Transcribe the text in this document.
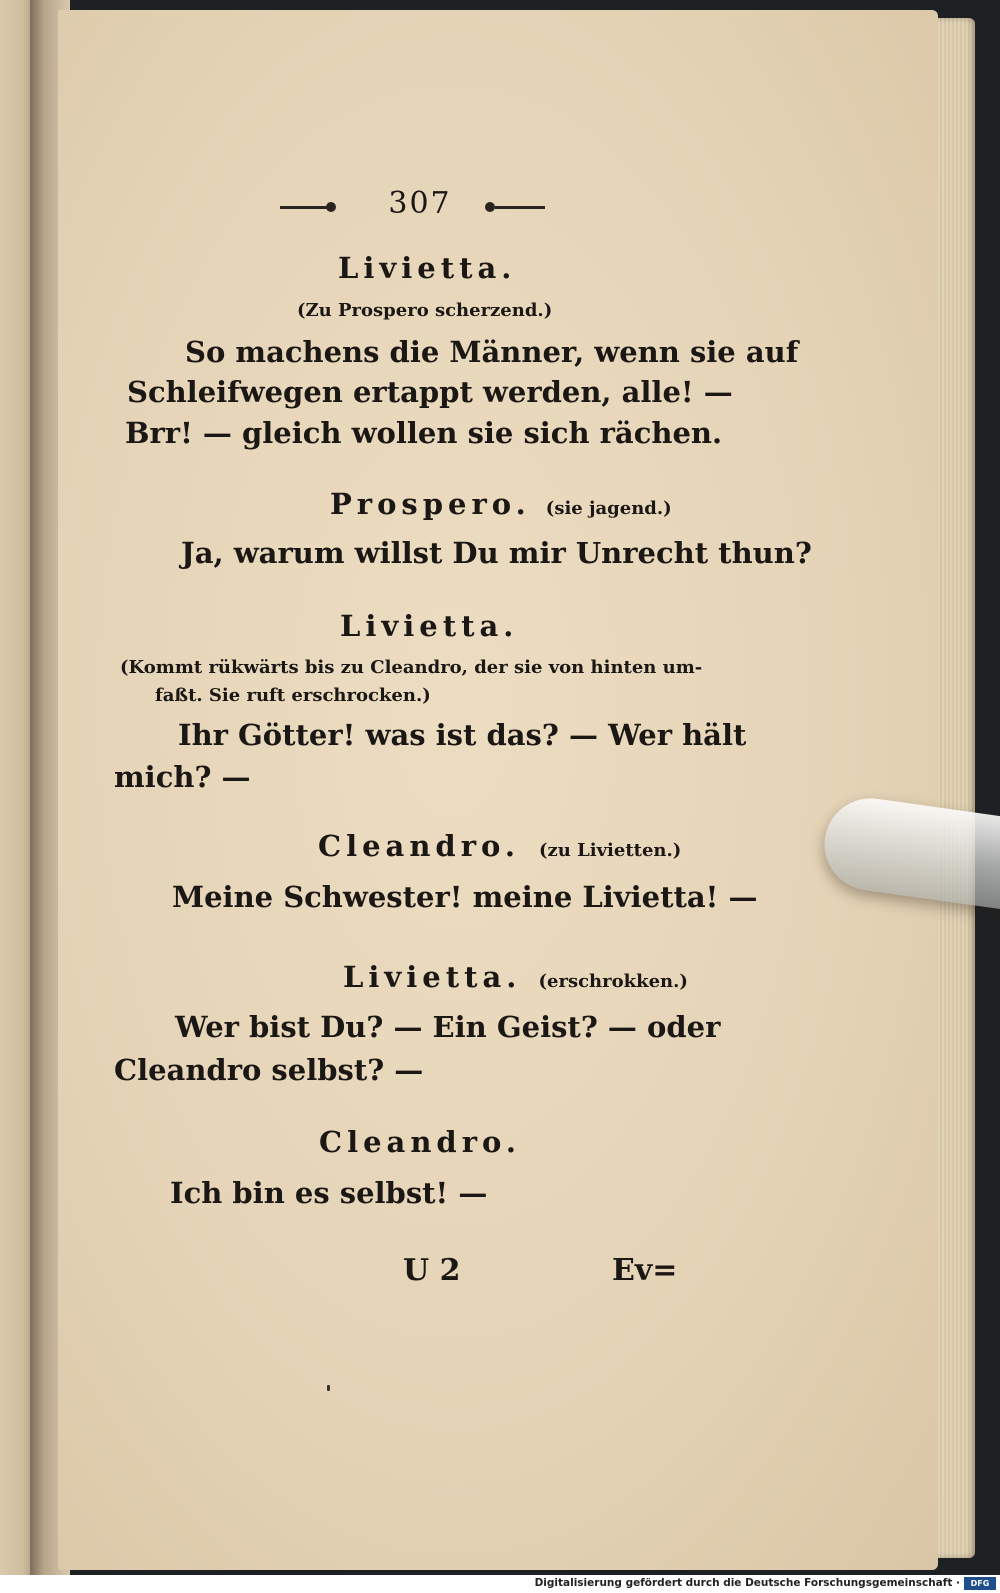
307
Livietta.
(Zu Prospero scherzend.)
So machens die Männer, wenn sie auf
Schleifwegen ertappt werden, alle! —
Brr! — gleich wollen sie sich rächen.
Prospero. (sie jagend.)
Ja, warum willst Du mir Unrecht thun?
Livietta.
(Kommt rükwärts bis zu Cleandro, der sie von hinten um-
faßt. Sie ruft erschrocken.)
Ihr Götter! was ist das? — Wer hält
mich? —
Cleandro. (zu Livietten.)
Meine Schwester! meine Livietta! —
Livietta. (erschrokken.)
Wer bist Du? — Ein Geist? — oder
Cleandro selbst? —
Cleandro.
Ich bin es selbst! —
U 2	Ev=
Digitalisierung gefördert durch die Deutsche Forschungsgemeinschaft ·	DFG
